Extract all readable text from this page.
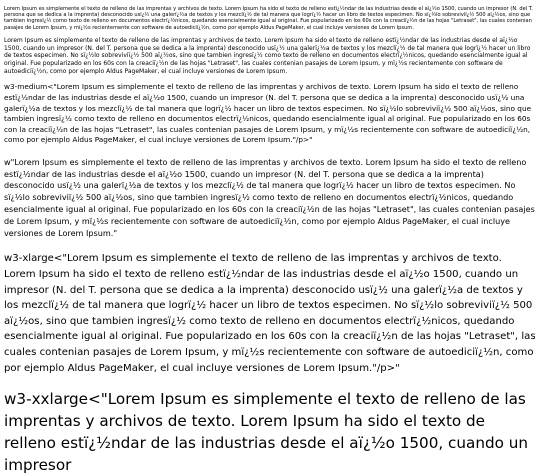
Lorem Ipsum es simplemente el texto de relleno de las imprentas y archivos de texto. Lorem Ipsum ha sido el texto de relleno estï¿½ndar de las industrias desde el aï¿½o 1500, cuando un impresor (N. del T. persona que se dedica a la imprenta) desconocido usï¿½ una galerï¿½a de textos y los mezclï¿½ de tal manera que logrï¿½ hacer un libro de textos especimen. No sï¿½lo sobreviviï¿½ 500 aï¿½os, sino que tambien ingresï¿½ como texto de relleno en documentos electrï¿½nicos, quedando esencialmente igual al original. Fue popularizado en los 60s con la creaciï¿½n de las hojas "Letraset", las cuales contenian pasajes de Lorem Ipsum, y mï¿½s recientemente con software de autoediciï¿½n, como por ejemplo Aldus PageMaker, el cual incluye versiones de Lorem Ipsum.

Lorem Ipsum es simplemente el texto de relleno de las imprentas y archivos de texto. Lorem Ipsum ha sido el texto de relleno estï¿½ndar de las industrias desde el aï¿½o 1500, cuando un impresor (N. del T. persona que se dedica a la imprenta) desconocido usï¿½ una galerï¿½a de textos y los mezclï¿½ de tal manera que logrï¿½ hacer un libro de textos especimen. No sï¿½lo sobreviviï¿½ 500 aï¿½os, sino que tambien ingresï¿½ como texto de relleno en documentos electrï¿½nicos, quedando esencialmente igual al original. Fue popularizado en los 60s con la creaciï¿½n de las hojas "Letraset", las cuales contenian pasajes de Lorem Ipsum, y mï¿½s recientemente con software de autoediciï¿½n, como por ejemplo Aldus PageMaker, el cual incluye versiones de Lorem Ipsum.

w3-medium<"Lorem Ipsum es simplemente el texto de relleno de las imprentas y archivos de texto. Lorem Ipsum ha sido el texto de relleno estï¿½ndar de las industrias desde el aï¿½o 1500, cuando un impresor (N. del T. persona que se dedica a la imprenta) desconocido usï¿½ una galerï¿½a de textos y los mezclï¿½ de tal manera que logrï¿½ hacer un libro de textos especimen. No sï¿½lo sobreviviï¿½ 500 aï¿½os, sino que tambien ingresï¿½ como texto de relleno en documentos electrï¿½nicos, quedando esencialmente igual al original. Fue popularizado en los 60s con la creaciï¿½n de las hojas "Letraset", las cuales contenian pasajes de Lorem Ipsum, y mï¿½s recientemente con software de autoediciï¿½n, como por ejemplo Aldus PageMaker, el cual incluye versiones de Lorem Ipsum."/p>"

w"Lorem Ipsum es simplemente el texto de relleno de las imprentas y archivos de texto. Lorem Ipsum ha sido el texto de relleno estï¿½ndar de las industrias desde el aï¿½o 1500, cuando un impresor (N. del T. persona que se dedica a la imprenta) desconocido usï¿½ una galerï¿½a de textos y los mezclï¿½ de tal manera que logrï¿½ hacer un libro de textos especimen. No sï¿½lo sobreviviï¿½ 500 aï¿½os, sino que tambien ingresï¿½ como texto de relleno en documentos electrï¿½nicos, quedando esencialmente igual al original. Fue popularizado en los 60s con la creaciï¿½n de las hojas "Letraset", las cuales contenian pasajes de Lorem Ipsum, y mï¿½s recientemente con software de autoediciï¿½n, como por ejemplo Aldus PageMaker, el cual incluye versiones de Lorem Ipsum."

w3-xlarge<"Lorem Ipsum es simplemente el texto de relleno de las imprentas y archivos de texto. Lorem Ipsum ha sido el texto de relleno estï¿½ndar de las industrias desde el aï¿½o 1500, cuando un impresor (N. del T. persona que se dedica a la imprenta) desconocido usï¿½ una galerï¿½a de textos y los mezclï¿½ de tal manera que logrï¿½ hacer un libro de textos especimen. No sï¿½lo sobreviviï¿½ 500 aï¿½os, sino que tambien ingresï¿½ como texto de relleno en documentos electrï¿½nicos, quedando esencialmente igual al original. Fue popularizado en los 60s con la creaciï¿½n de las hojas "Letraset", las cuales contenian pasajes de Lorem Ipsum, y mï¿½s recientemente con software de autoediciï¿½n, como por ejemplo Aldus PageMaker, el cual incluye versiones de Lorem Ipsum."/p>"

w3-xxlarge<"Lorem Ipsum es simplemente el texto de relleno de las imprentas y archivos de texto. Lorem Ipsum ha sido el texto de relleno estï¿½ndar de las industrias desde el aï¿½o 1500, cuando un impresor
